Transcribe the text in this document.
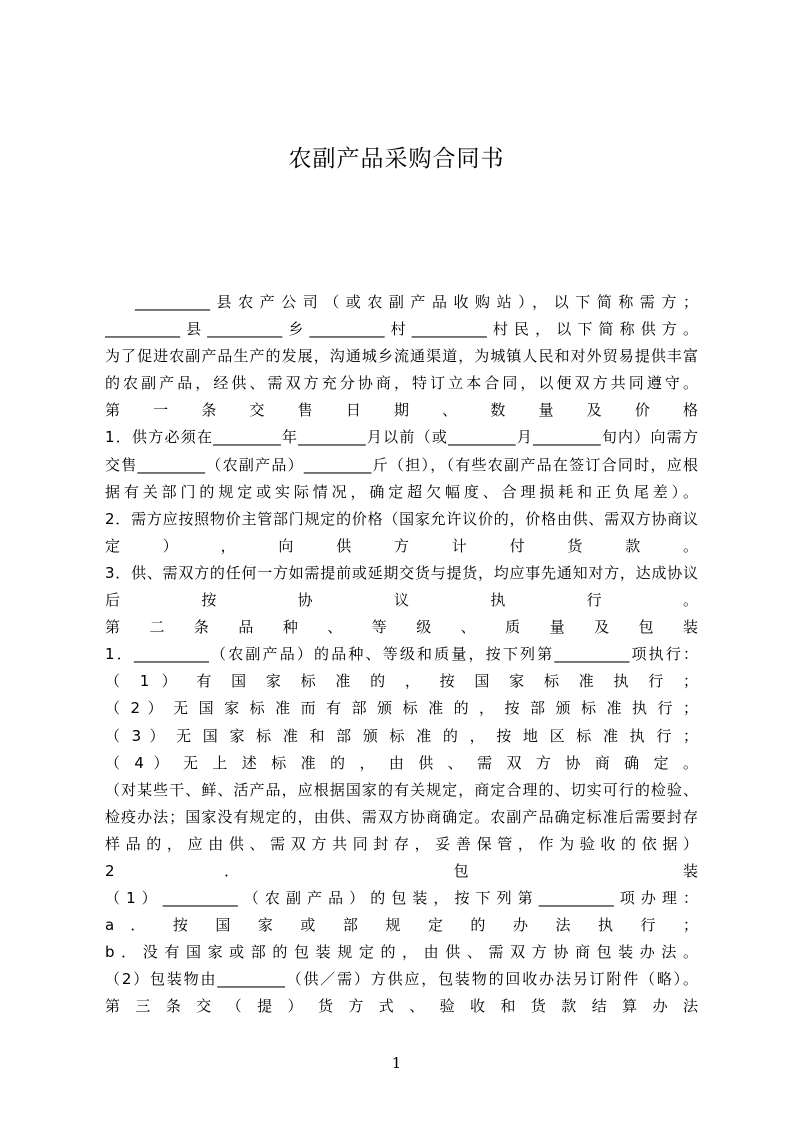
农副产品采购合同书
__________县农产公司（或农副产品收购站），以下简称需方；
__________县__________乡__________村__________村民，以下简称供方。
为了促进农副产品生产的发展，沟通城乡流通渠道，为城镇人民和对外贸易提供丰富
的农副产品，经供、需双方充分协商，特订立本合同，以便双方共同遵守。
第 一 条 交 售 日 期 、 数 量 及 价 格
1．供方必须在_________年_________月以前（或_________月_________旬内）向需方
交售_________（农副产品）_________斤（担），（有些农副产品在签订合同时，应根
据有关部门的规定或实际情况，确定超欠幅度、合理损耗和正负尾差）。
2．需方应按照物价主管部门规定的价格（国家允许议价的，价格由供、需双方协商议
定 ） ， 向 供 方 计 付 货 款 。
3．供、需双方的任何一方如需提前或延期交货与提货，均应事先通知对方，达成协议
后 按 协 议 执 行 。
第 二 条 品 种 、 等 级 、 质 量 及 包 装
1．__________（农副产品）的品种、等级和质量，按下列第__________项执行：
（ 1 ） 有 国 家 标 准 的 ， 按 国 家 标 准 执 行 ；
（ 2 ） 无 国 家 标 准 而 有 部 颁 标 准 的 ， 按 部 颁 标 准 执 行 ；
（ 3 ） 无 国 家 标 准 和 部 颁 标 准 的 ， 按 地 区 标 准 执 行 ；
（ 4 ） 无 上 述 标 准 的 ， 由 供 、 需 双 方 协 商 确 定 。
（对某些干、鲜、活产品，应根据国家的有关规定，商定合理的、切实可行的检验、
检疫办法；国家没有规定的，由供、需双方协商确定。农副产品确定标准后需要封存
样品的，应由供、需双方共同封存，妥善保管，作为验收的依据）
2 ． 包 装
（1）__________（农副产品）的包装，按下列第__________项办理：
a ． 按 国 家 或 部 规 定 的 办 法 执 行 ；
b．没有国家或部的包装规定的，由供、需双方协商包装办法。
（2）包装物由_________（供／需）方供应，包装物的回收办法另订附件（略）。
第 三 条 交 （ 提 ） 货 方 式 、 验 收 和 货 款 结 算 办 法
1
